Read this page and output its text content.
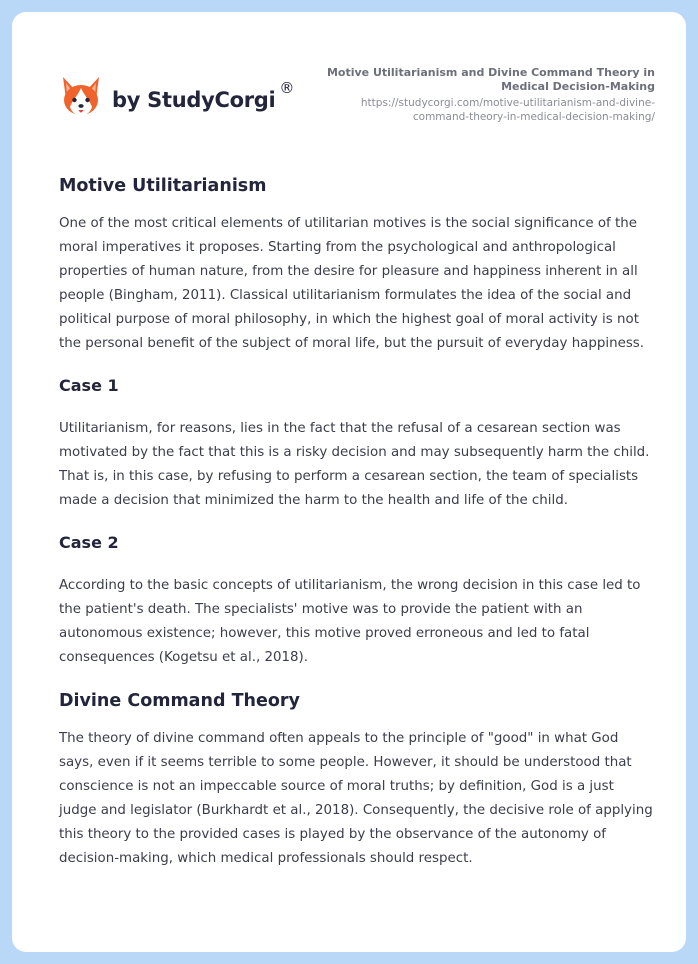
by StudyCorgi ®
Motive Utilitarianism and Divine Command Theory in Medical Decision-Making
https://studycorgi.com/motive-utilitarianism-and-divine-command-theory-in-medical-decision-making/
Motive Utilitarianism

One of the most critical elements of utilitarian motives is the social significance of the moral imperatives it proposes. Starting from the psychological and anthropological properties of human nature, from the desire for pleasure and happiness inherent in all people (Bingham, 2011). Classical utilitarianism formulates the idea of the social and political purpose of moral philosophy, in which the highest goal of moral activity is not the personal benefit of the subject of moral life, but the pursuit of everyday happiness.

Case 1

Utilitarianism, for reasons, lies in the fact that the refusal of a cesarean section was motivated by the fact that this is a risky decision and may subsequently harm the child. That is, in this case, by refusing to perform a cesarean section, the team of specialists made a decision that minimized the harm to the health and life of the child.

Case 2

According to the basic concepts of utilitarianism, the wrong decision in this case led to the patient's death. The specialists' motive was to provide the patient with an autonomous existence; however, this motive proved erroneous and led to fatal consequences (Kogetsu et al., 2018).

Divine Command Theory

The theory of divine command often appeals to the principle of "good" in what God says, even if it seems terrible to some people. However, it should be understood that conscience is not an impeccable source of moral truths; by definition, God is a just judge and legislator (Burkhardt et al., 2018). Consequently, the decisive role of applying this theory to the provided cases is played by the observance of the autonomy of decision-making, which medical professionals should respect.
